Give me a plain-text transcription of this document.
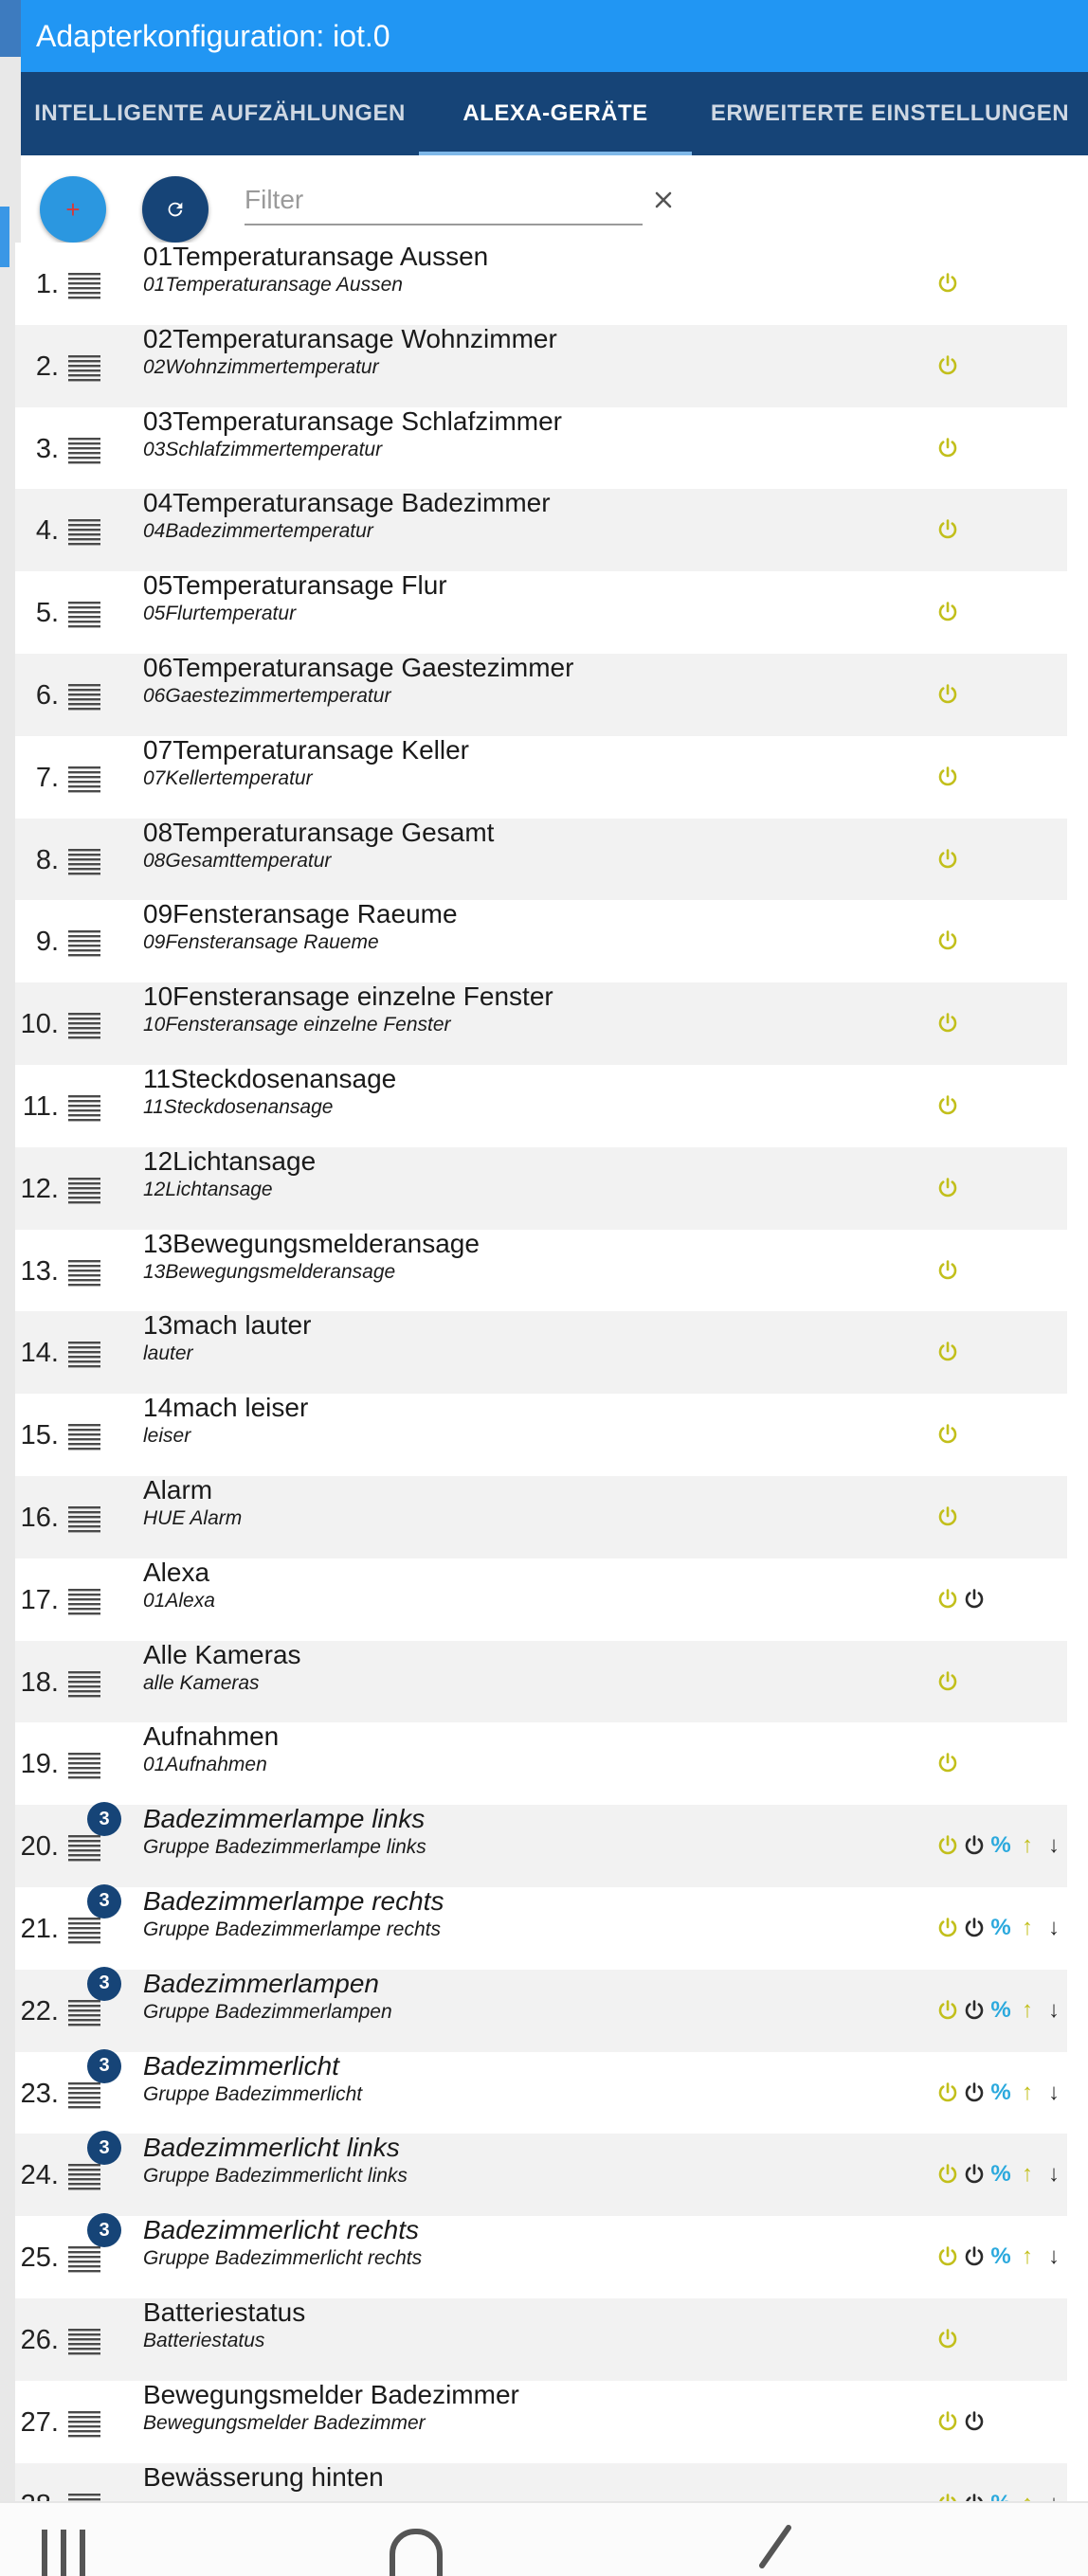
Adapterkonfiguration: iot.0
INTELLIGENTE AUFZÄHLUNGEN	ALEXA-GERÄTE	ERWEITERTE EINSTELLUNGEN
+
Filter
1.
01Temperaturansage Aussen
01Temperaturansage Aussen
2.
02Temperaturansage Wohnzimmer
02Wohnzimmertemperatur
3.
03Temperaturansage Schlafzimmer
03Schlafzimmertemperatur
4.
04Temperaturansage Badezimmer
04Badezimmertemperatur
5.
05Temperaturansage Flur
05Flurtemperatur
6.
06Temperaturansage Gaestezimmer
06Gaestezimmertemperatur
7.
07Temperaturansage Keller
07Kellertemperatur
8.
08Temperaturansage Gesamt
08Gesamttemperatur
9.
09Fensteransage Raeume
09Fensteransage Raueme
10.
10Fensteransage einzelne Fenster
10Fensteransage einzelne Fenster
11.
11Steckdosenansage
11Steckdosenansage
12.
12Lichtansage
12Lichtansage
13.
13Bewegungsmelderansage
13Bewegungsmelderansage
14.
13mach lauter
lauter
15.
14mach leiser
leiser
16.
Alarm
HUE Alarm
17.
Alexa
01Alexa
18.
Alle Kameras
alle Kameras
19.
Aufnahmen
01Aufnahmen
20.
3	Badezimmerlampe links
Gruppe Badezimmerlampe links	% ↑ ↓
21.
3	Badezimmerlampe rechts
Gruppe Badezimmerlampe rechts	% ↑ ↓
22.
3	Badezimmerlampen
Gruppe Badezimmerlampen	% ↑ ↓
23.
3	Badezimmerlicht
Gruppe Badezimmerlicht	% ↑ ↓
24.
3	Badezimmerlicht links
Gruppe Badezimmerlicht links	% ↑ ↓
25.
3	Badezimmerlicht rechts
Gruppe Badezimmerlicht rechts	% ↑ ↓
26.
Batteriestatus
Batteriestatus
27.
Bewegungsmelder Badezimmer
Bewegungsmelder Badezimmer
Bewässerung hinten
